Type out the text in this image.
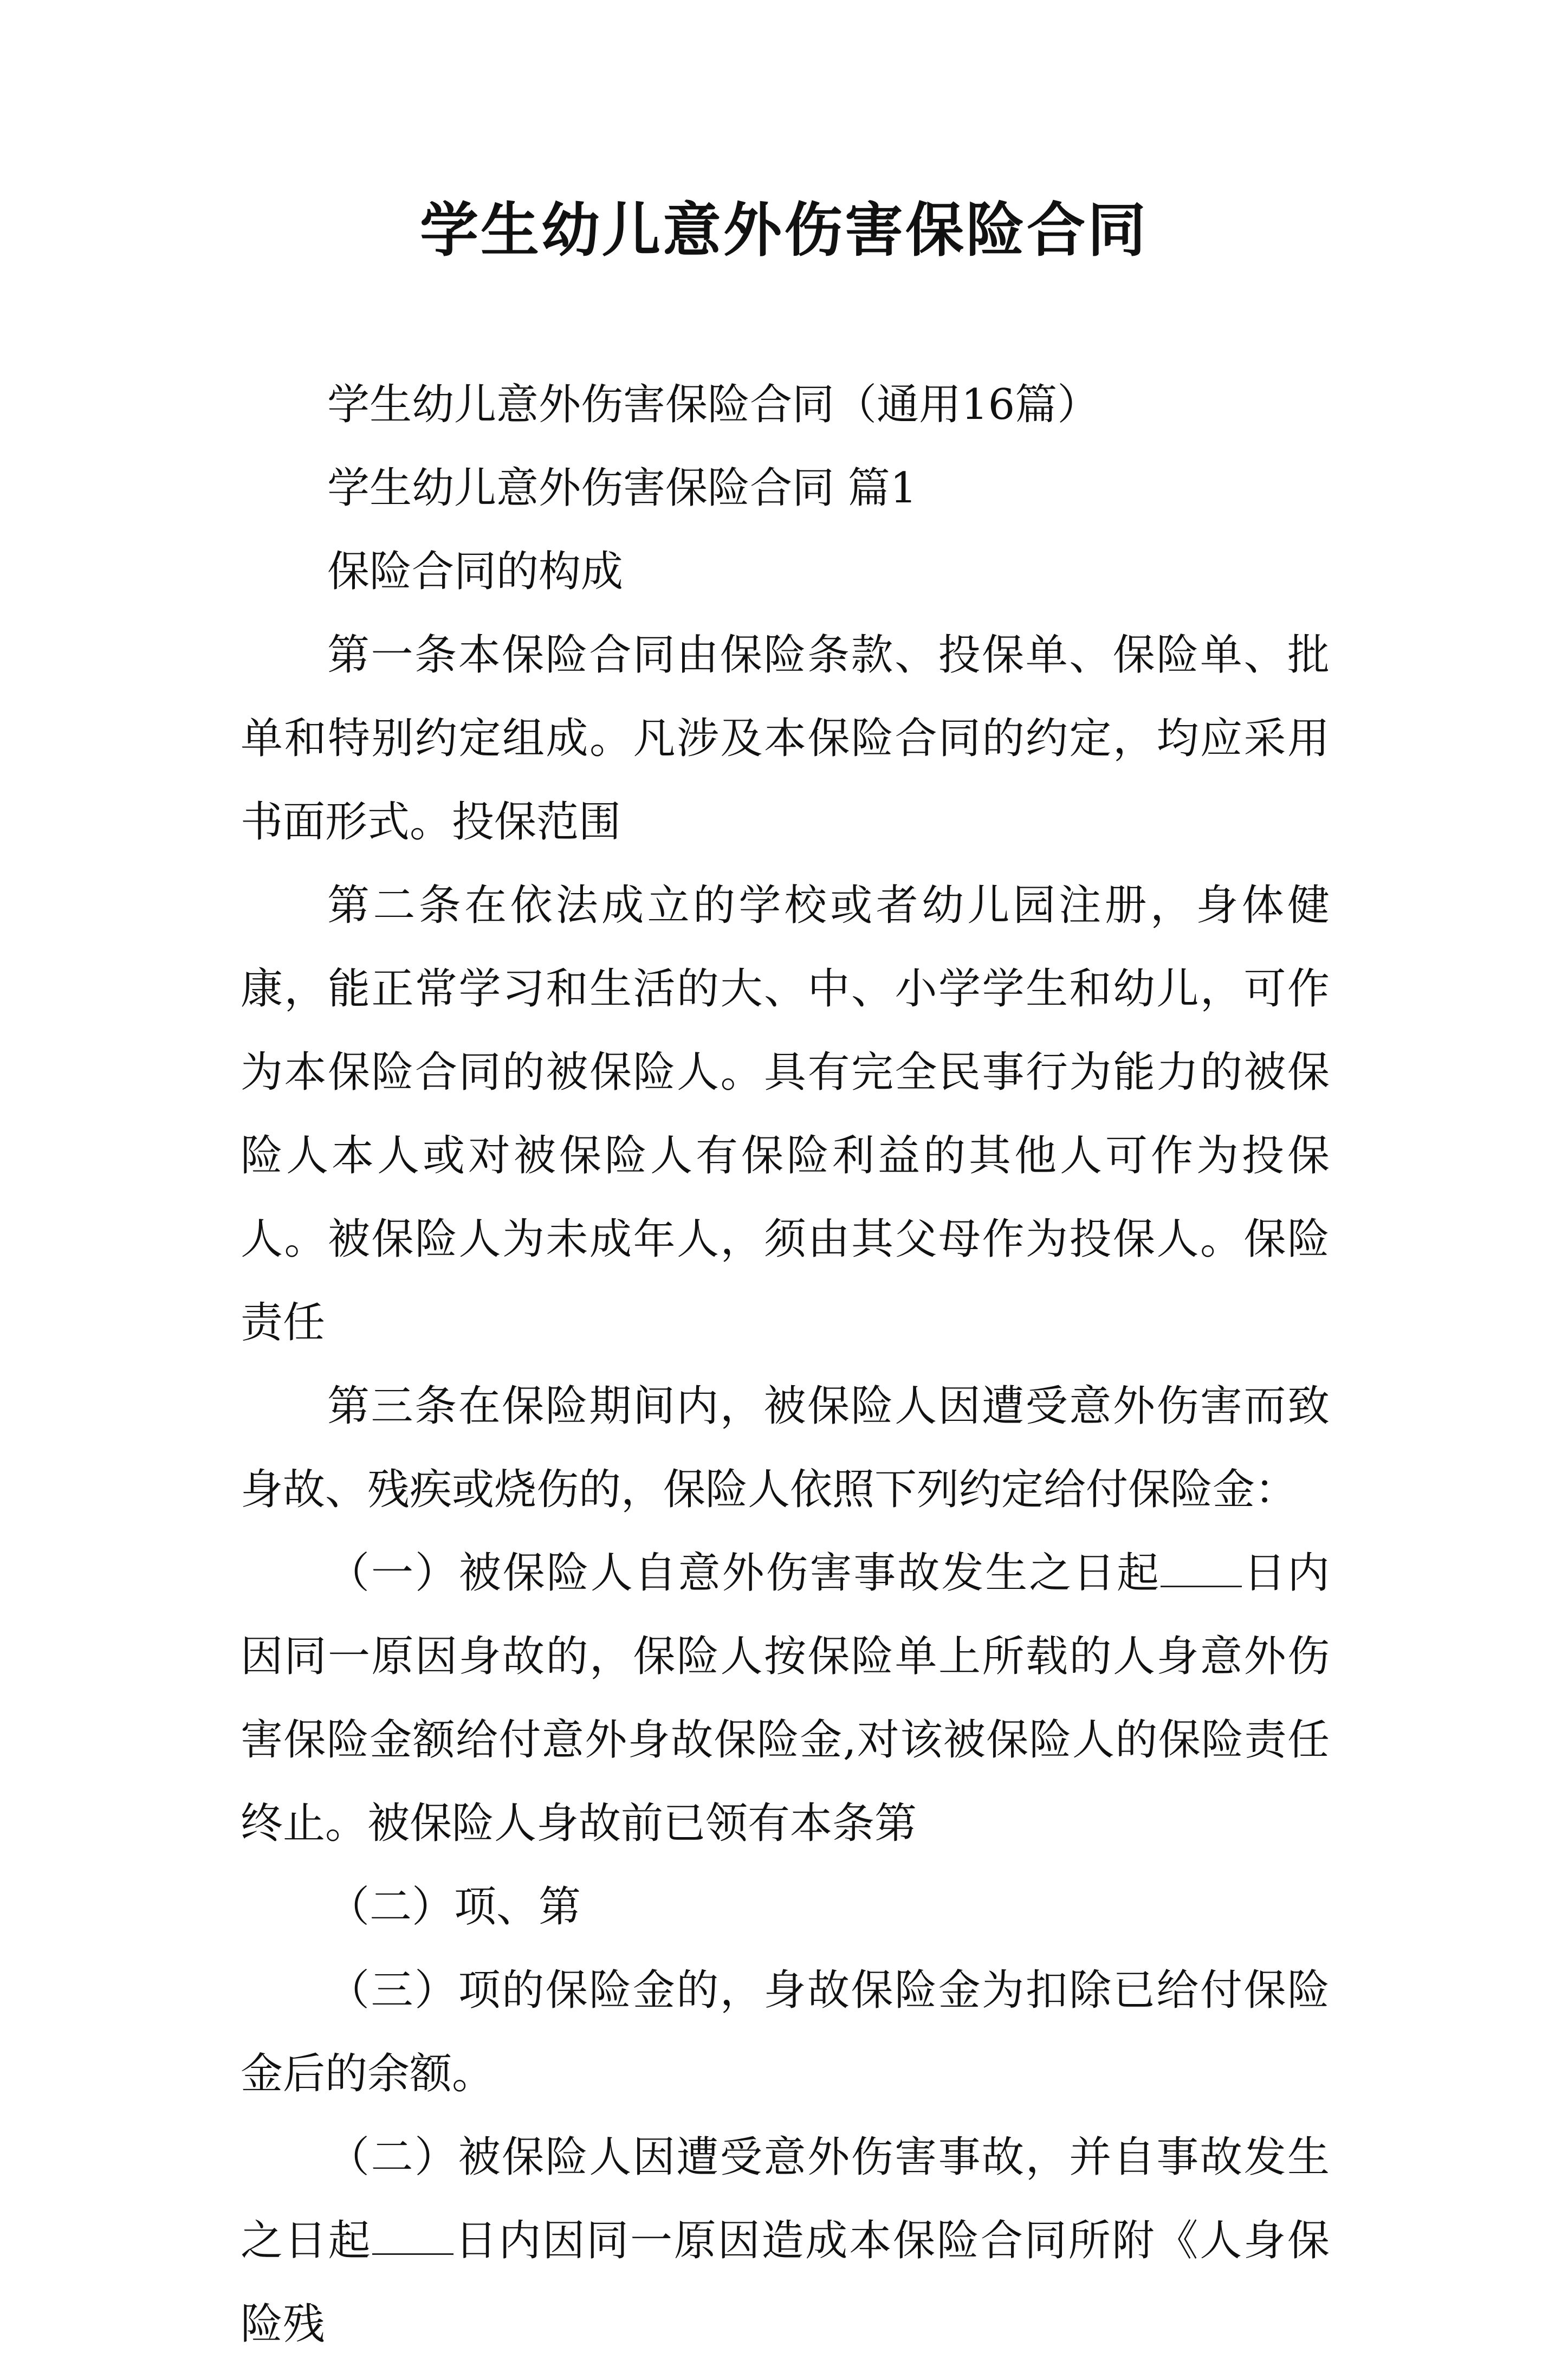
学生幼儿意外伤害保险合同

学生幼儿意外伤害保险合同（通用16篇）

学生幼儿意外伤害保险合同 篇1

保险合同的构成

第一条本保险合同由保险条款、投保单、保险单、批单和特别约定组成。凡涉及本保险合同的约定，均应采用书面形式。投保范围

第二条在依法成立的学校或者幼儿园注册，身体健康，能正常学习和生活的大、中、小学学生和幼儿，可作为本保险合同的被保险人。具有完全民事行为能力的被保险人本人或对被保险人有保险利益的其他人可作为投保人。被保险人为未成年人，须由其父母作为投保人。保险责任

第三条在保险期间内，被保险人因遭受意外伤害而致身故、残疾或烧伤的，保险人依照下列约定给付保险金：

（一）被保险人自意外伤害事故发生之日起 日内因同一原因身故的，保险人按保险单上所载的人身意外伤害保险金额给付意外身故保险金,对该被保险人的保险责任终止。被保险人身故前已领有本条第

（二）项、第

（三）项的保险金的，身故保险金为扣除已给付保险金后的余额。

（二）被保险人因遭受意外伤害事故，并自事故发生之日起 日内因同一原因造成本保险合同所附《人身保险残
